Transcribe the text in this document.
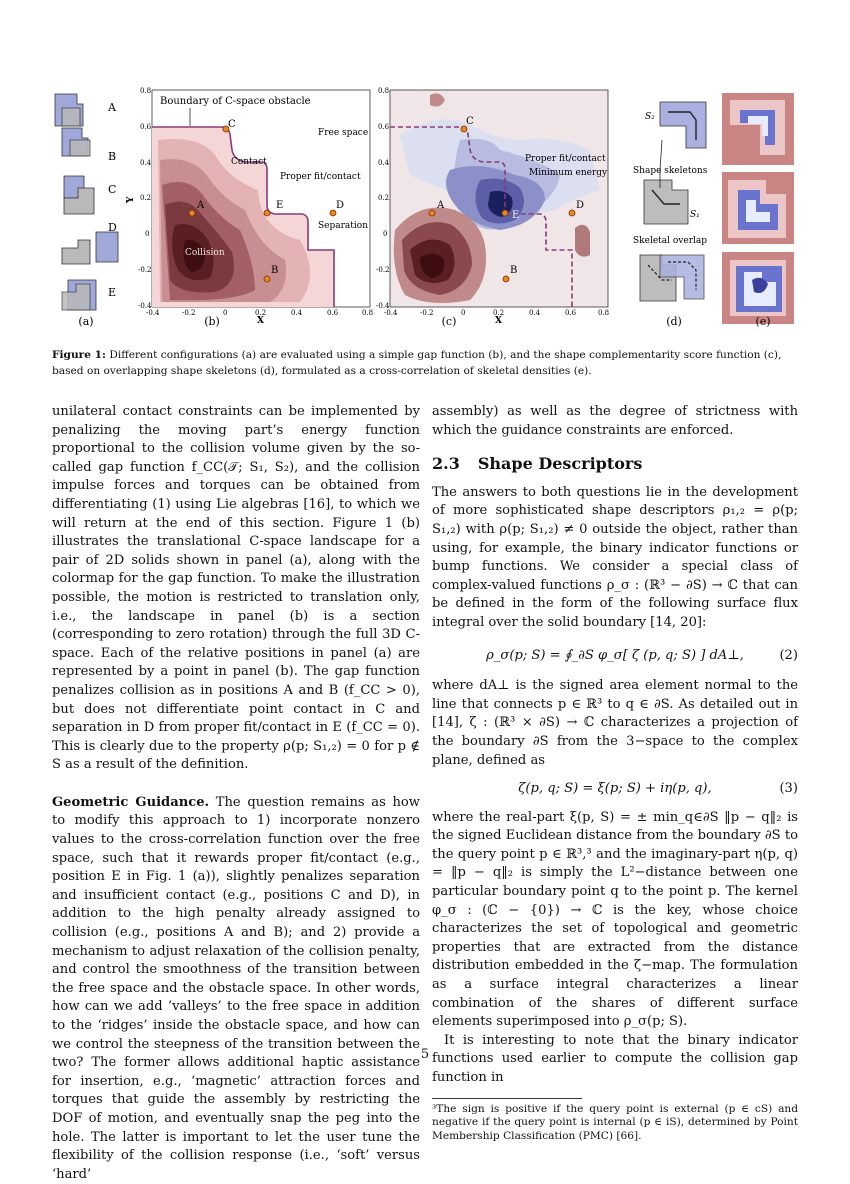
A
B
C
D
E
Boundary of C-space obstacle
Free space
Contact
Proper fit/contact
Collision
Separation
A
B
C
D
E
0.8
0.6
0.4
0.2
0
-0.2
-0.4
-0.4	-0.2	0	0.2	0.4	0.6	0.8
X
Y
Proper fit/contact
Minimum energy
A
B
C
D
E
0.8
0.6
0.4
0.2
0
-0.2
-0.4
-0.4	-0.2	0	0.2	0.4	0.6	0.8
X
S₂
S₁
Shape skeletons
Skeletal overlap
(a)	(b)	(c)	(d)	(e)
Figure 1: Different configurations (a) are evaluated using a simple gap function (b), and the shape complementarity score function (c), based on overlapping shape skeletons (d), formulated as a cross-correlation of skeletal densities (e).

unilateral contact constraints can be implemented by penalizing the moving part’s energy function proportional to the collision volume given by the so-called gap function f_CC(𝒯; S₁, S₂), and the collision impulse forces and torques can be obtained from differentiating (1) using Lie algebras [16], to which we will return at the end of this section. Figure 1 (b) illustrates the translational C-space landscape for a pair of 2D solids shown in panel (a), along with the colormap for the gap function. To make the illustration possible, the motion is restricted to translation only, i.e., the landscape in panel (b) is a section (corresponding to zero rotation) through the full 3D C-space. Each of the relative positions in panel (a) are represented by a point in panel (b). The gap function penalizes collision as in positions A and B (f_CC > 0), but does not differentiate point contact in C and separation in D from proper fit/contact in E (f_CC = 0). This is clearly due to the property ρ(p; S₁,₂) = 0 for p ∉ S as a result of the definition.

Geometric Guidance. The question remains as how to modify this approach to 1) incorporate nonzero values to the cross-correlation function over the free space, such that it rewards proper fit/contact (e.g., position E in Fig. 1 (a)), slightly penalizes separation and insufficient contact (e.g., positions C and D), in addition to the high penalty already assigned to collision (e.g., positions A and B); and 2) provide a mechanism to adjust relaxation of the collision penalty, and control the smoothness of the transition between the free space and the obstacle space. In other words, how can we add ‘valleys’ to the free space in addition to the ‘ridges’ inside the obstacle space, and how can we control the steepness of the transition between the two? The former allows additional haptic assistance for insertion, e.g., ‘magnetic’ attraction forces and torques that guide the assembly by restricting the DOF of motion, and eventually snap the peg into the hole. The latter is important to let the user tune the flexibility of the collision response (i.e., ‘soft’ versus ‘hard’

assembly) as well as the degree of strictness with which the guidance constraints are enforced.

2.3 Shape Descriptors

The answers to both questions lie in the development of more sophisticated shape descriptors ρ₁,₂ = ρ(p; S₁,₂) with ρ(p; S₁,₂) ≠ 0 outside the object, rather than using, for example, the binary indicator functions or bump functions. We consider a special class of complex-valued functions ρ_σ : (ℝ³ − ∂S) → ℂ that can be defined in the form of the following surface flux integral over the solid boundary [14, 20]:

ρ_σ(p; S) = ∮_∂S φ_σ[ ζ (p, q; S) ] dA⊥,	(2)

where dA⊥ is the signed area element normal to the line that connects p ∈ ℝ³ to q ∈ ∂S. As detailed out in [14], ζ : (ℝ³ × ∂S) → ℂ characterizes a projection of the boundary ∂S from the 3−space to the complex plane, defined as

ζ(p, q; S) = ξ(p; S) + iη(p, q),	(3)

where the real-part ξ(p, S) = ± min_q∈∂S ‖p − q‖₂ is the signed Euclidean distance from the boundary ∂S to the query point p ∈ ℝ³,³ and the imaginary-part η(p, q) = ‖p − q‖₂ is simply the L²−distance between one particular boundary point q to the point p. The kernel φ_σ : (ℂ − {0}) → ℂ is the key, whose choice characterizes the set of topological and geometric properties that are extracted from the distance distribution embedded in the ζ−map. The formulation as a surface integral characterizes a linear combination of the shares of different surface elements superimposed into ρ_σ(p; S).

It is interesting to note that the binary indicator functions used earlier to compute the collision gap function in

³The sign is positive if the query point is external (p ∈ cS) and negative if the query point is internal (p ∈ iS), determined by Point Membership Classification (PMC) [66].

5
